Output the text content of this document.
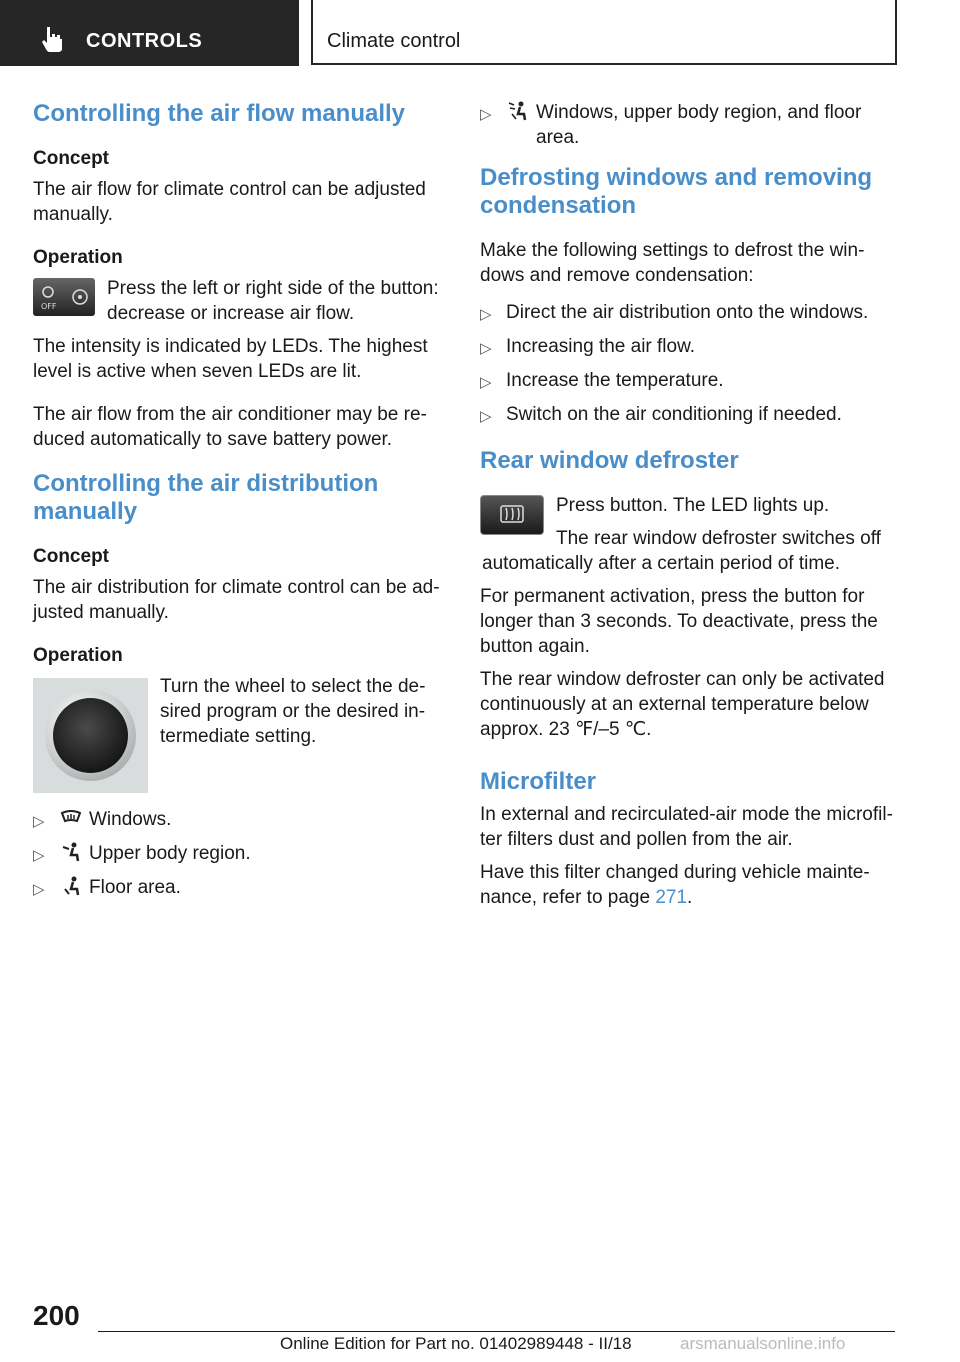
CONTROLS	Climate control
Controlling the air flow manually
Concept

The air flow for climate control can be adjusted manually.

Operation
OFF

Press the left or right side of the button: decrease or increase air flow.

The intensity is indicated by LEDs. The highest level is active when seven LEDs are lit.

The air flow from the air conditioner may be re-duced automatically to save battery power.

Controlling the air distribution manually
Concept

The air distribution for climate control can be ad-justed manually.

Operation

Turn the wheel to select the de-sired program or the desired in-termediate setting.

▷	Windows.
▷	Upper body region.
▷	Floor area.
▷	Windows, upper body region, and floor area.
Defrosting windows and removing condensation

Make the following settings to defrost the win-dows and remove condensation:

▷ Direct the air distribution onto the windows.
▷ Increasing the air flow.
▷ Increase the temperature.
▷ Switch on the air conditioning if needed.
Rear window defroster

Press button. The LED lights up.

The rear window defroster switches off automatically after a certain period of time.

For permanent activation, press the button for longer than 3 seconds. To deactivate, press the button again.

The rear window defroster can only be activated continuously at an external temperature below approx. 23 ℉/–5 ℃.

Microfilter

In external and recirculated-air mode the microfil-ter filters dust and pollen from the air.

Have this filter changed during vehicle mainte-nance, refer to page 271.

200
Online Edition for Part no. 01402989448 - II/18	arsmanualsonline.info
